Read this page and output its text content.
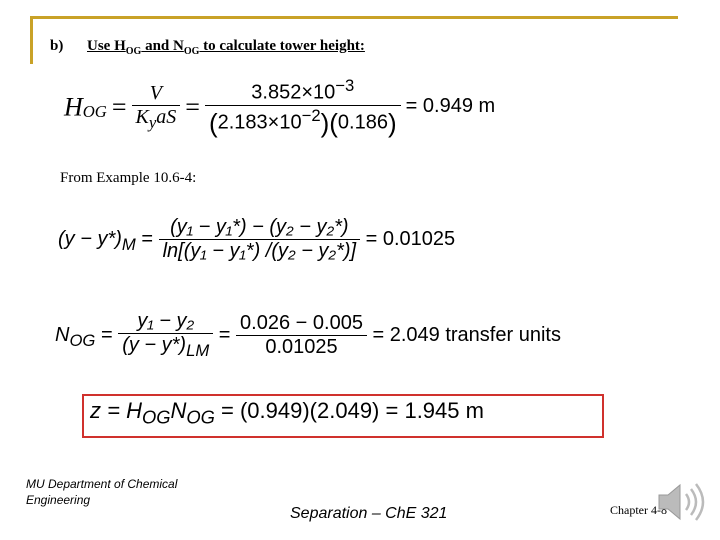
b) Use $H_{OG}$ and $N_{OG}$ to calculate tower height:
$H_{OG} = \frac{V}{K_yaS} = \frac{3.852\times 10^{-3}}{(2.183\times 10^{-2})(0.186)} = 0.949$ m
From Example 10.6-4:
$(y - y*)_M = \frac{\text{(y₁ − y₁*) − (y₂ − y₂*)}}{\text{ln[(y₁ − y₁*) /(y₂ − y₂*)]}} = 0.01025$
$N_{OG} = \frac{\text{y₁ − y₂}}{(y - y*)_{LM}} = \frac{0.026 - 0.005}{0.01025} = 2.049$ transfer units
$z = H_{OG}N_{OG} = (0.949)(2.049) = 1.945$ m
MU Department of Chemical Engineering
Separation – ChE 321	Chapter 4-8
